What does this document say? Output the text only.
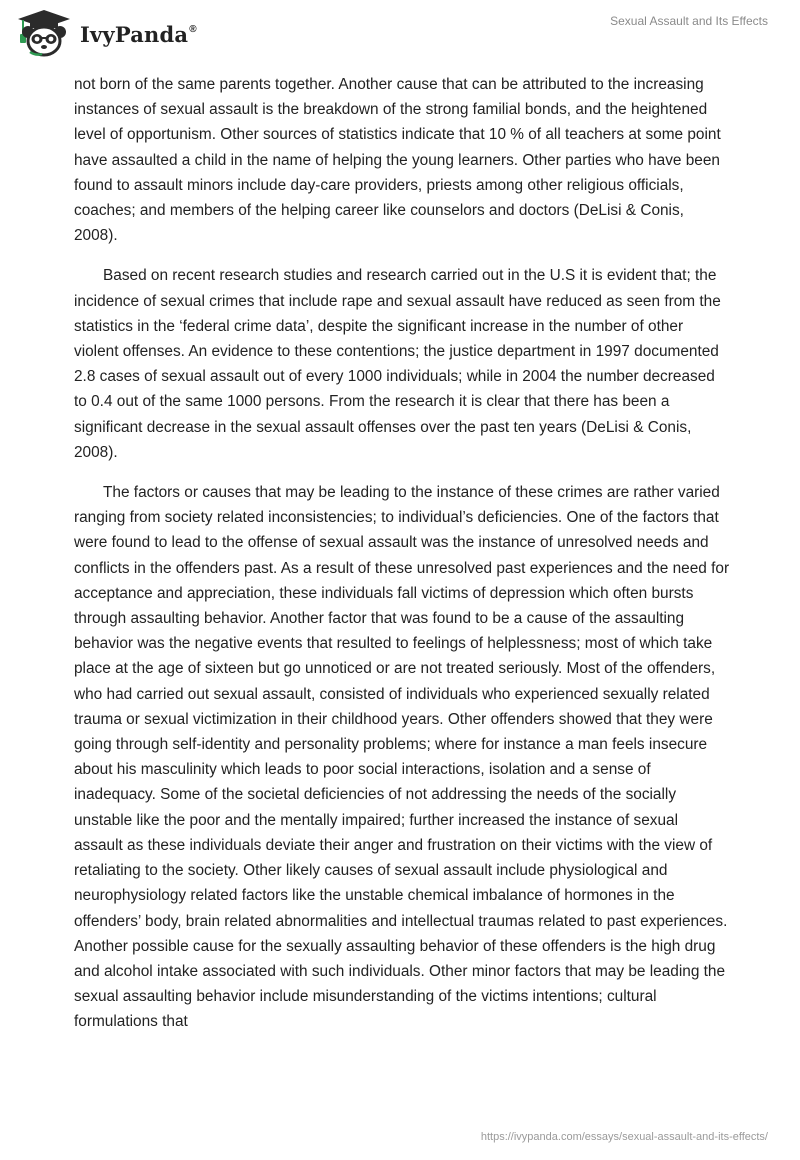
IvyPanda®
Sexual Assault and Its Effects

not born of the same parents together. Another cause that can be attributed to the increasing instances of sexual assault is the breakdown of the strong familial bonds, and the heightened level of opportunism. Other sources of statistics indicate that 10 % of all teachers at some point have assaulted a child in the name of helping the young learners. Other parties who have been found to assault minors include day-care providers, priests among other religious officials, coaches; and members of the helping career like counselors and doctors (DeLisi & Conis, 2008).

Based on recent research studies and research carried out in the U.S it is evident that; the incidence of sexual crimes that include rape and sexual assault have reduced as seen from the statistics in the ‘federal crime data’, despite the significant increase in the number of other violent offenses. An evidence to these contentions; the justice department in 1997 documented 2.8 cases of sexual assault out of every 1000 individuals; while in 2004 the number decreased to 0.4 out of the same 1000 persons. From the research it is clear that there has been a significant decrease in the sexual assault offenses over the past ten years (DeLisi & Conis, 2008).

The factors or causes that may be leading to the instance of these crimes are rather varied ranging from society related inconsistencies; to individual’s deficiencies. One of the factors that were found to lead to the offense of sexual assault was the instance of unresolved needs and conflicts in the offenders past. As a result of these unresolved past experiences and the need for acceptance and appreciation, these individuals fall victims of depression which often bursts through assaulting behavior. Another factor that was found to be a cause of the assaulting behavior was the negative events that resulted to feelings of helplessness; most of which take place at the age of sixteen but go unnoticed or are not treated seriously. Most of the offenders, who had carried out sexual assault, consisted of individuals who experienced sexually related trauma or sexual victimization in their childhood years. Other offenders showed that they were going through self-identity and personality problems; where for instance a man feels insecure about his masculinity which leads to poor social interactions, isolation and a sense of inadequacy. Some of the societal deficiencies of not addressing the needs of the socially unstable like the poor and the mentally impaired; further increased the instance of sexual assault as these individuals deviate their anger and frustration on their victims with the view of retaliating to the society. Other likely causes of sexual assault include physiological and neurophysiology related factors like the unstable chemical imbalance of hormones in the offenders’ body, brain related abnormalities and intellectual traumas related to past experiences. Another possible cause for the sexually assaulting behavior of these offenders is the high drug and alcohol intake associated with such individuals. Other minor factors that may be leading the sexual assaulting behavior include misunderstanding of the victims intentions; cultural formulations that

https://ivypanda.com/essays/sexual-assault-and-its-effects/
